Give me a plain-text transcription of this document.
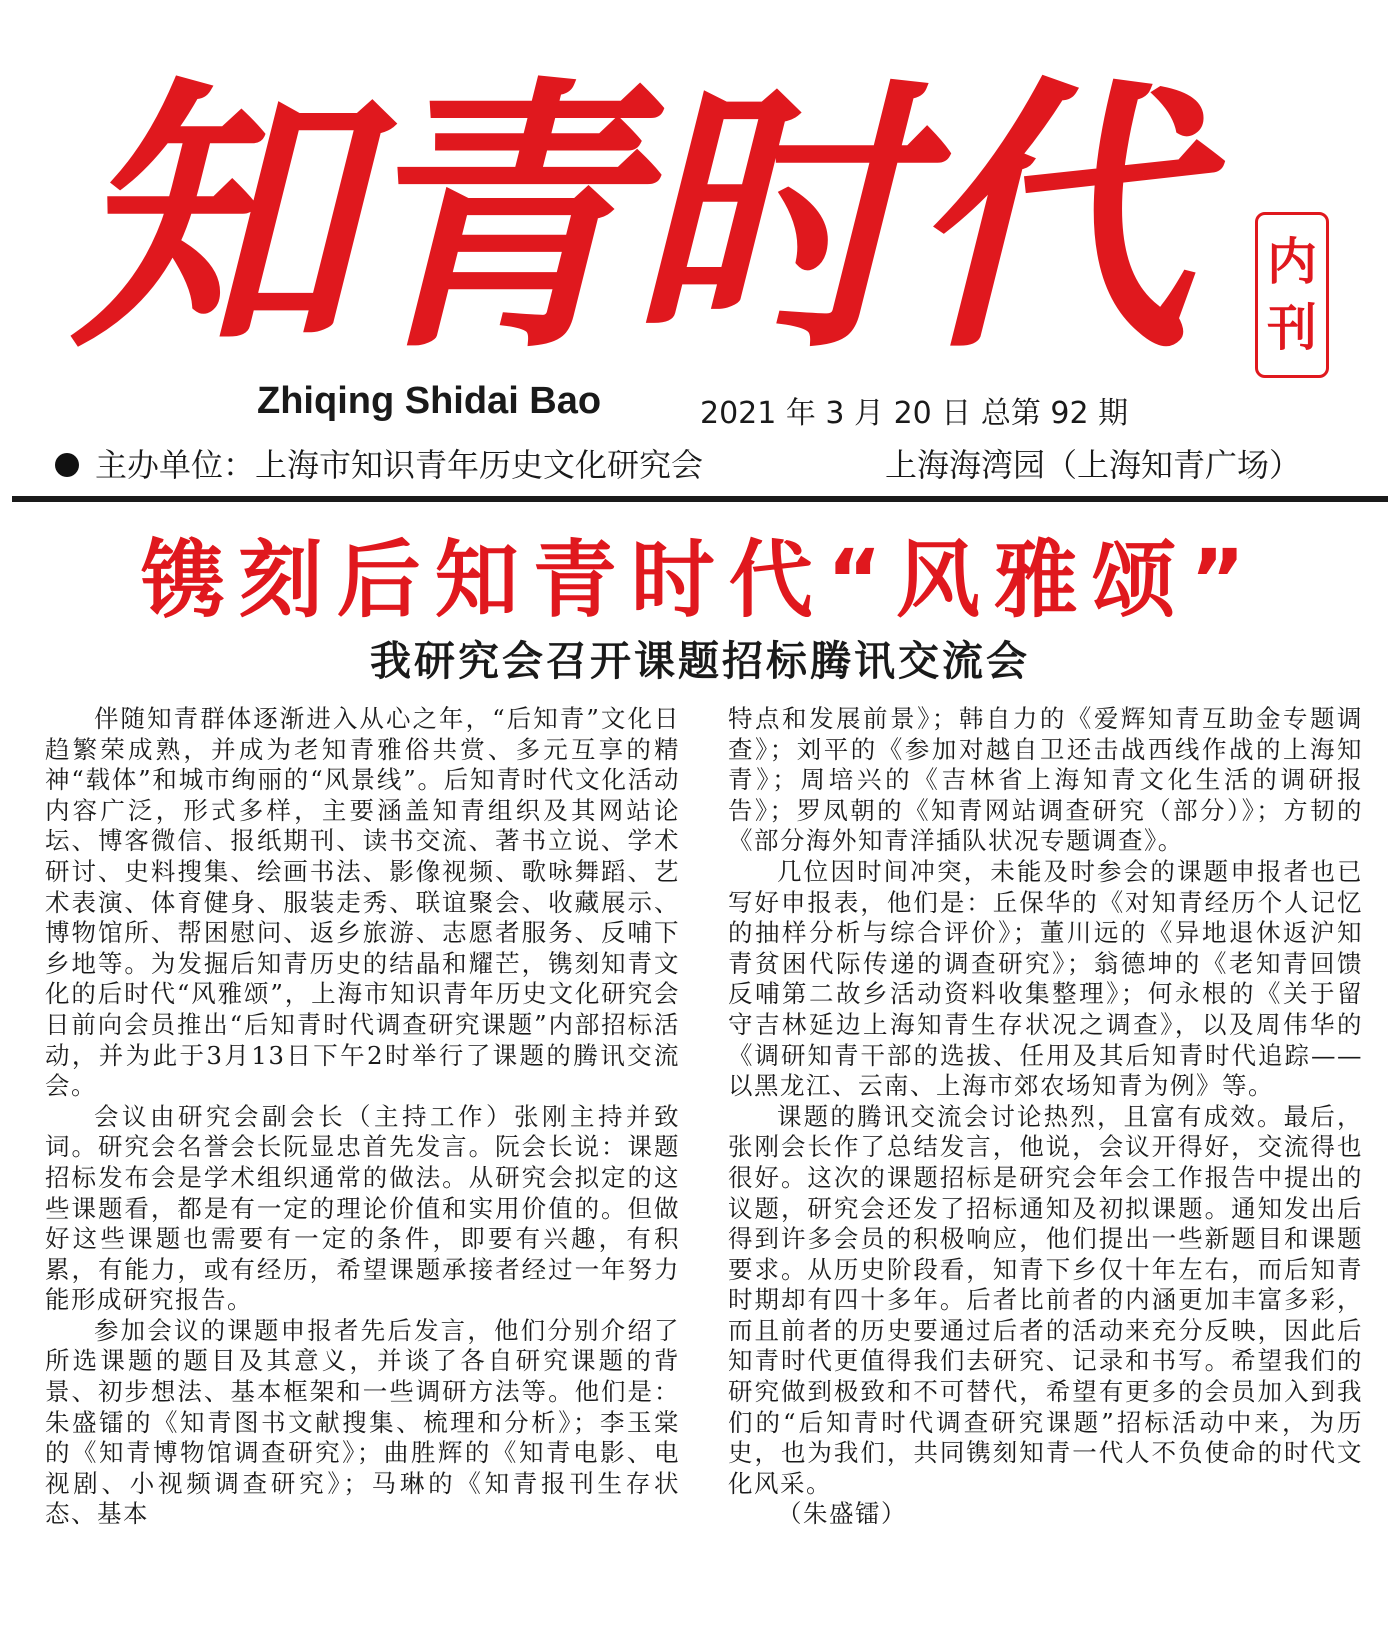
知青时代	内
刊
Zhiqing Shidai Bao	2021 年 3 月 20 日 总第 92 期
主办单位：上海市知识青年历史文化研究会	上海海湾园（上海知青广场）
镌刻后知青时代“风雅颂”
我研究会召开课题招标腾讯交流会

伴随知青群体逐渐进入从心之年，“后知青”文化日趋繁荣成熟，并成为老知青雅俗共赏、多元互享的精神“载体”和城市绚丽的“风景线”。后知青时代文化活动内容广泛，形式多样，主要涵盖知青组织及其网站论坛、博客微信、报纸期刊、读书交流、著书立说、学术研讨、史料搜集、绘画书法、影像视频、歌咏舞蹈、艺术表演、体育健身、服装走秀、联谊聚会、收藏展示、博物馆所、帮困慰问、返乡旅游、志愿者服务、反哺下乡地等。为发掘后知青历史的结晶和耀芒，镌刻知青文化的后时代“风雅颂”，上海市知识青年历史文化研究会日前向会员推出“后知青时代调查研究课题”内部招标活动，并为此于3月13日下午2时举行了课题的腾讯交流会。

会议由研究会副会长（主持工作）张刚主持并致词。研究会名誉会长阮显忠首先发言。阮会长说：课题招标发布会是学术组织通常的做法。从研究会拟定的这些课题看，都是有一定的理论价值和实用价值的。但做好这些课题也需要有一定的条件，即要有兴趣，有积累，有能力，或有经历，希望课题承接者经过一年努力能形成研究报告。

参加会议的课题申报者先后发言，他们分别介绍了所选课题的题目及其意义，并谈了各自研究课题的背景、初步想法、基本框架和一些调研方法等。他们是：朱盛镭的《知青图书文献搜集、梳理和分析》；李玉棠的《知青博物馆调查研究》；曲胜辉的《知青电影、电视剧、小视频调查研究》；马琳的《知青报刊生存状态、基本

特点和发展前景》；韩自力的《爱辉知青互助金专题调查》；刘平的《参加对越自卫还击战西线作战的上海知青》；周培兴的《吉林省上海知青文化生活的调研报告》；罗凤朝的《知青网站调查研究（部分）》；方韧的《部分海外知青洋插队状况专题调查》。

几位因时间冲突，未能及时参会的课题申报者也已写好申报表，他们是：丘保华的《对知青经历个人记忆的抽样分析与综合评价》；董川远的《异地退休返沪知青贫困代际传递的调查研究》；翁德坤的《老知青回馈反哺第二故乡活动资料收集整理》；何永根的《关于留守吉林延边上海知青生存状况之调查》，以及周伟华的《调研知青干部的选拔、任用及其后知青时代追踪——以黑龙江、云南、上海市郊农场知青为例》等。

课题的腾讯交流会讨论热烈，且富有成效。最后，张刚会长作了总结发言，他说，会议开得好，交流得也很好。这次的课题招标是研究会年会工作报告中提出的议题，研究会还发了招标通知及初拟课题。通知发出后得到许多会员的积极响应，他们提出一些新题目和课题要求。从历史阶段看，知青下乡仅十年左右，而后知青时期却有四十多年。后者比前者的内涵更加丰富多彩，而且前者的历史要通过后者的活动来充分反映，因此后知青时代更值得我们去研究、记录和书写。希望我们的研究做到极致和不可替代，希望有更多的会员加入到我们的“后知青时代调查研究课题”招标活动中来，为历史，也为我们，共同镌刻知青一代人不负使命的时代文化风采。

（朱盛镭）
